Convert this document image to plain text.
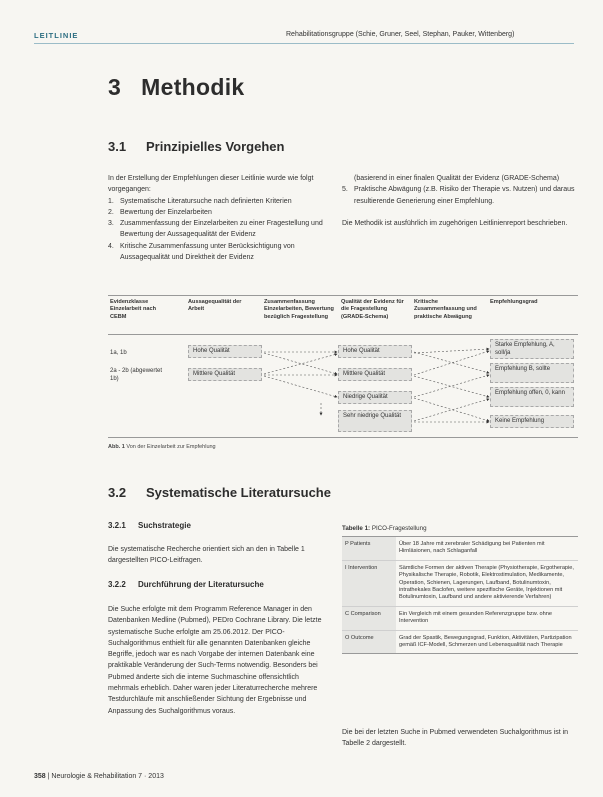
LEITLINIE	Rehabilitationsgruppe (Schie, Gruner, Seel, Stephan, Pauker, Wittenberg)
3 Methodik
3.1 Prinzipielles Vorgehen

In der Erstellung der Empfehlungen dieser Leitlinie wurde wie folgt vorgegangen:

1. Systematische Literatursuche nach definierten Kriterien
2. Bewertung der Einzelarbeiten
3. Zusammenfassung der Einzelarbeiten zu einer Fragestellung und Bewertung der Aussagequalität der Evidenz
4. Kritische Zusammenfassung unter Berücksichtigung von Aussagequalität und Direktheit der Evidenz

(basierend in einer finalen Qualität der Evidenz (GRADE-Schema)

5. Praktische Abwägung (z.B. Risiko der Therapie vs. Nutzen) und daraus resultierende Generierung einer Empfehlung.

Die Methodik ist ausführlich im zugehörigen Leitlinienreport beschrieben.

Evidenzklasse Einzelarbeit nach CEBM
Aussagequalität der Arbeit
Zusammenfassung Einzelarbeiten, Bewertung bezüglich Fragestellung
Qualität der Evidenz für die Fragestellung (GRADE-Schema)
Kritische Zusammenfassung und praktische Abwägung
Empfehlungsgrad
1a, 1b
2a - 2b (abgewertet 1b)
Hohe Qualität
Mittlere Qualität
Hohe Qualität
Mittlere Qualität
Niedrige Qualität
Sehr niedrige Qualität
Starke Empfehlung, A, soll/ja
Empfehlung B, sollte
Empfehlung offen, 0, kann
Keine Empfehlung
Abb. 1 Von der Einzelarbeit zur Empfehlung
3.2 Systematische Literatursuche
3.2.1 Suchstrategie
Die systematische Recherche orientiert sich an den in Tabelle 1 dargestellten PICO-Leitfragen.
3.2.2 Durchführung der Literatursuche
Die Suche erfolgte mit dem Programm Reference Manager in den Datenbanken Medline (Pubmed), PEDro Cochrane Library. Die letzte systematische Suche erfolgte am 25.06.2012. Der PICO-Suchalgorithmus enthielt für alle genannten Datenbanken gleiche Begriffe, jedoch war es nach Vorgabe der internen Datenbank eine praktikable Veränderung der Such-Terms notwendig. Besonders bei Pubmed änderte sich die interne Suchmaschine offensichtlich mehrmals erheblich. Daher waren jeder Literaturrecherche mehrere Testdurchläufe mit anschließender Sichtung der Ergebnisse und Anpassung des Suchalgorithmus voraus.
Tabelle 1: PICO-Fragestellung
P Patients	Über 18 Jahre mit zerebraler Schädigung bei Patienten mit Hirnläsionen, nach Schlaganfall
I Intervention	Sämtliche Formen der aktiven Therapie (Physiotherapie, Ergotherapie, Physikalische Therapie, Robotik, Elektrostimulation, Medikamente, Operation, Schienen, Lagerungen, Laufband, Botulinumtoxin, intrathekales Baclofen, weitere spezifische Geräte, Injektionen mit Botulinumtoxin, Laufband und andere aktivierende Verfahren)
C Comparison	Ein Vergleich mit einem gesunden Referenzgruppe bzw. ohne Intervention
O Outcome	Grad der Spastik, Bewegungsgrad, Funktion, Aktivitäten, Partizipation gemäß ICF-Modell, Schmerzen und Lebensqualität nach Therapie
Die bei der letzten Suche in Pubmed verwendeten Suchalgorithmus ist in Tabelle 2 dargestellt.
358 | Neurologie & Rehabilitation 7 · 2013
